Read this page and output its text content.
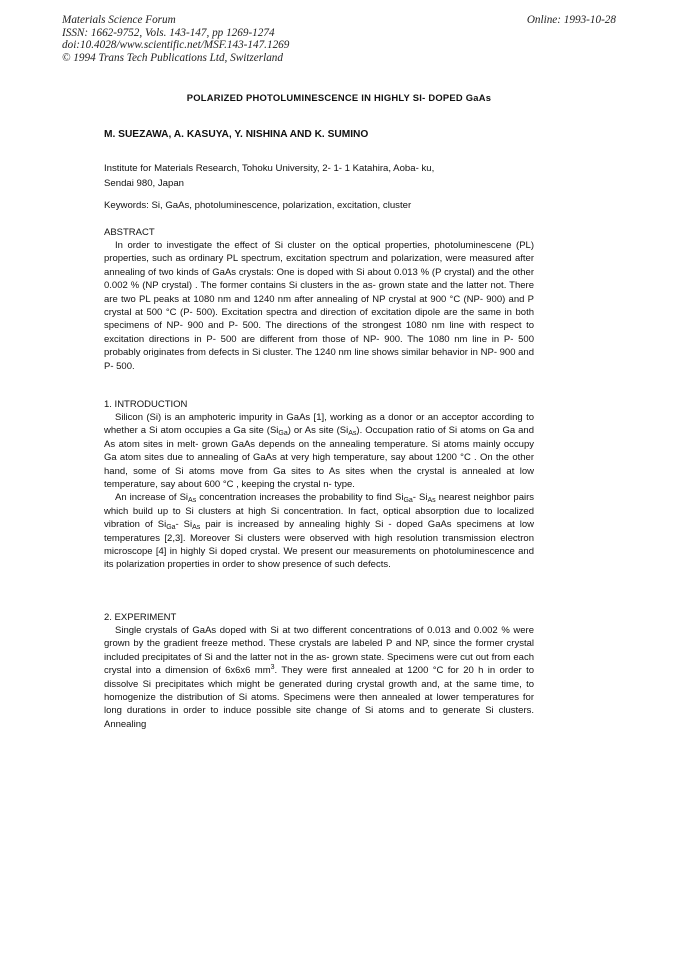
Materials Science Forum
ISSN: 1662-9752, Vols. 143-147, pp 1269-1274
doi:10.4028/www.scientific.net/MSF.143-147.1269
© 1994 Trans Tech Publications Ltd, Switzerland
Online: 1993-10-28
POLARIZED PHOTOLUMINESCENCE IN HIGHLY SI- DOPED GaAs
M. SUEZAWA, A. KASUYA, Y. NISHINA AND K. SUMINO
Institute for Materials Research, Tohoku University, 2- 1- 1 Katahira, Aoba- ku,
Sendai 980, Japan
Keywords: Si, GaAs, photoluminescence, polarization, excitation, cluster
ABSTRACT

In order to investigate the effect of Si cluster on the optical properties, photoluminescene (PL) properties, such as ordinary PL spectrum, excitation spectrum and polarization, were measured after annealing of two kinds of GaAs crystals: One is doped with Si about 0.013 % (P crystal) and the other 0.002 % (NP crystal) . The former contains Si clusters in the as- grown state and the latter not. There are two PL peaks at 1080 nm and 1240 nm after annealing of NP crystal at 900 °C (NP- 900) and P crystal at 500 °C (P- 500). Excitation spectra and direction of excitation dipole are the same in both specimens of NP- 900 and P- 500. The directions of the strongest 1080 nm line with respect to excitation directions in P- 500 are different from those of NP- 900. The 1080 nm line in P- 500 probably originates from defects in Si cluster. The 1240 nm line shows similar behavior in NP- 900 and P- 500.

1. INTRODUCTION

Silicon (Si) is an amphoteric impurity in GaAs [1], working as a donor or an acceptor according to whether a Si atom occupies a Ga site $(Si_{Ga})$ or As site $(Si_{As})$. Occupation ratio of Si atoms on Ga and As atom sites in melt- grown GaAs depends on the annealing temperature. Si atoms mainly occupy Ga atom sites due to annealing of GaAs at very high temperature, say about 1200 °C . On the other hand, some of Si atoms move from Ga sites to As sites when the crystal is annealed at low temperature, say about 600 °C , keeping the crystal n- type.

An increase of $Si_{As}$ concentration increases the probability to find $Si_{Ga}-$ $Si_{As}$ nearest neighbor pairs which build up to Si clusters at high Si concentration. In fact, optical absorption due to localized vibration of $Si_{Ga}-$ $Si_{As}$ pair is increased by annealing highly Si - doped GaAs specimens at low temperatures [2,3]. Moreover Si clusters were observed with high resolution transmission electron microscope [4] in highly Si doped crystal. We present our measurements on photoluminescence and its polarization properties in order to show presence of such defects.

2. EXPERIMENT

Single crystals of GaAs doped with Si at two different concentrations of 0.013 and 0.002 % were grown by the gradient freeze method. These crystals are labeled P and NP, since the former crystal included precipitates of Si and the latter not in the as- grown state. Specimens were cut out from each crystal into a dimension of 6x6x6 $mm^3$. They were first annealed at 1200 °C for 20 h in order to dissolve Si precipitates which might be generated during crystal growth and, at the same time, to homogenize the distribution of Si atoms. Specimens were then annealed at lower temperatures for long durations in order to induce possible site change of Si atoms and to generate Si clusters. Annealing
